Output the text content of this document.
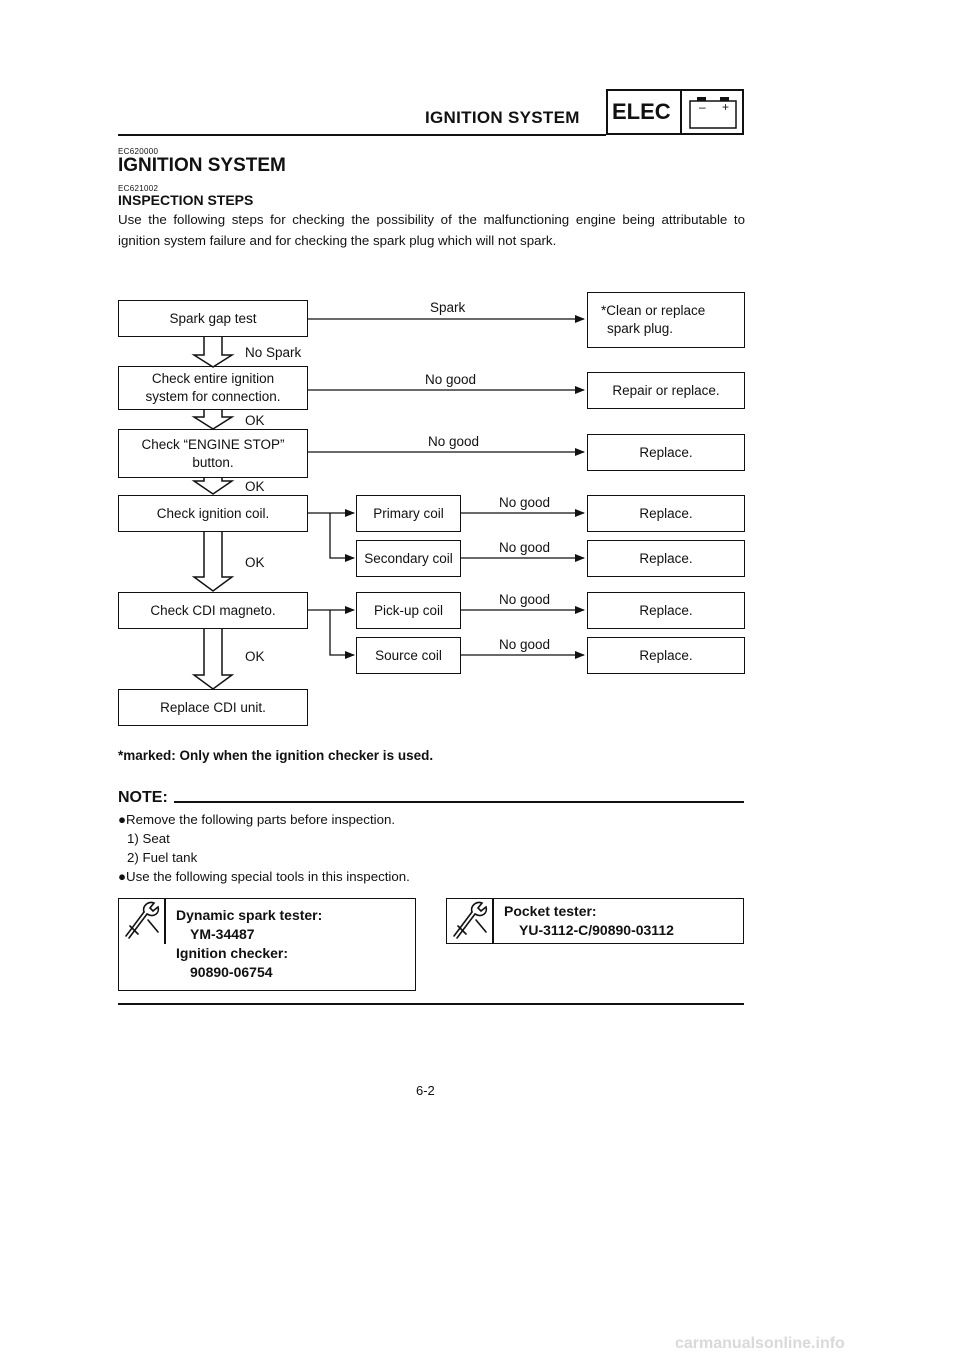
IGNITION SYSTEM ELEC – +
EC620000
IGNITION SYSTEM
EC621002
INSPECTION STEPS
Use the following steps for checking the possibility of the malfunctioning engine being attributable to ignition system failure and for checking the spark plug which will not spark.
Spark gap test
Check entire ignition
system for connection.
Check “ENGINE STOP”
button.
Check ignition coil.
Check CDI magneto.
Replace CDI unit.
Primary coil
Secondary coil
Pick-up coil
Source coil
*Clean or replace
spark plug.
Repair or replace.
Replace.
Replace.
Replace.
Replace.
Replace.
Spark
No Spark
No good
OK
No good
OK
No good
No good
OK
No good
No good
OK
*marked: Only when the ignition checker is used.
NOTE:
●Remove the following parts before inspection.
1) Seat
2) Fuel tank
●Use the following special tools in this inspection.
Dynamic spark tester:
YM-34487
Ignition checker:
90890-06754
Pocket tester:
YU-3112-C/90890-03112
6-2
carmanualsonline.info
